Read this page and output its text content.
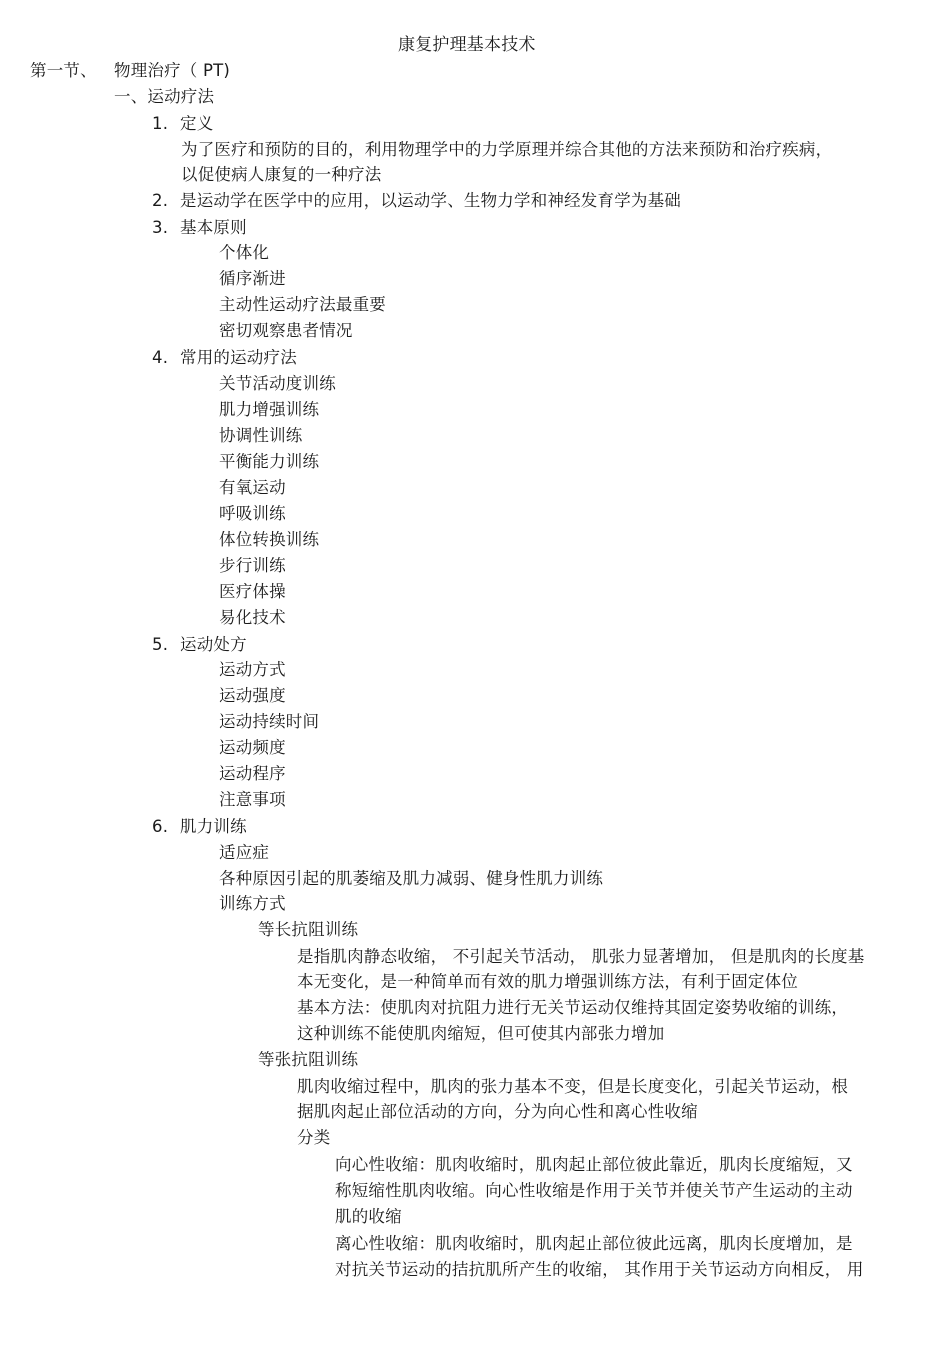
康复护理基本技术
第一节、 物理治疗（ PT)
一、运动疗法
1. 定义
为了医疗和预防的目的，利用物理学中的力学原理并综合其他的方法来预防和治疗疾病，
以促使病人康复的一种疗法
2. 是运动学在医学中的应用，以运动学、生物力学和神经发育学为基础
3. 基本原则
个体化
循序渐进
主动性运动疗法最重要
密切观察患者情况
4. 常用的运动疗法
关节活动度训练
肌力增强训练
协调性训练
平衡能力训练
有氧运动
呼吸训练
体位转换训练
步行训练
医疗体操
易化技术
5. 运动处方
运动方式
运动强度
运动持续时间
运动频度
运动程序
注意事项
6. 肌力训练
适应症
各种原因引起的肌萎缩及肌力减弱、健身性肌力训练
训练方式
等长抗阻训练
是指肌肉静态收缩， 不引起关节活动， 肌张力显著增加， 但是肌肉的长度基
本无变化，是一种简单而有效的肌力增强训练方法，有利于固定体位
基本方法：使肌肉对抗阻力进行无关节运动仅维持其固定姿势收缩的训练，
这种训练不能使肌肉缩短，但可使其内部张力增加
等张抗阻训练
肌肉收缩过程中，肌肉的张力基本不变，但是长度变化，引起关节运动，根
据肌肉起止部位活动的方向，分为向心性和离心性收缩
分类
向心性收缩：肌肉收缩时，肌肉起止部位彼此靠近，肌肉长度缩短，又
称短缩性肌肉收缩。向心性收缩是作用于关节并使关节产生运动的主动
肌的收缩
离心性收缩：肌肉收缩时，肌肉起止部位彼此远离，肌肉长度增加，是
对抗关节运动的拮抗肌所产生的收缩， 其作用于关节运动方向相反， 用
